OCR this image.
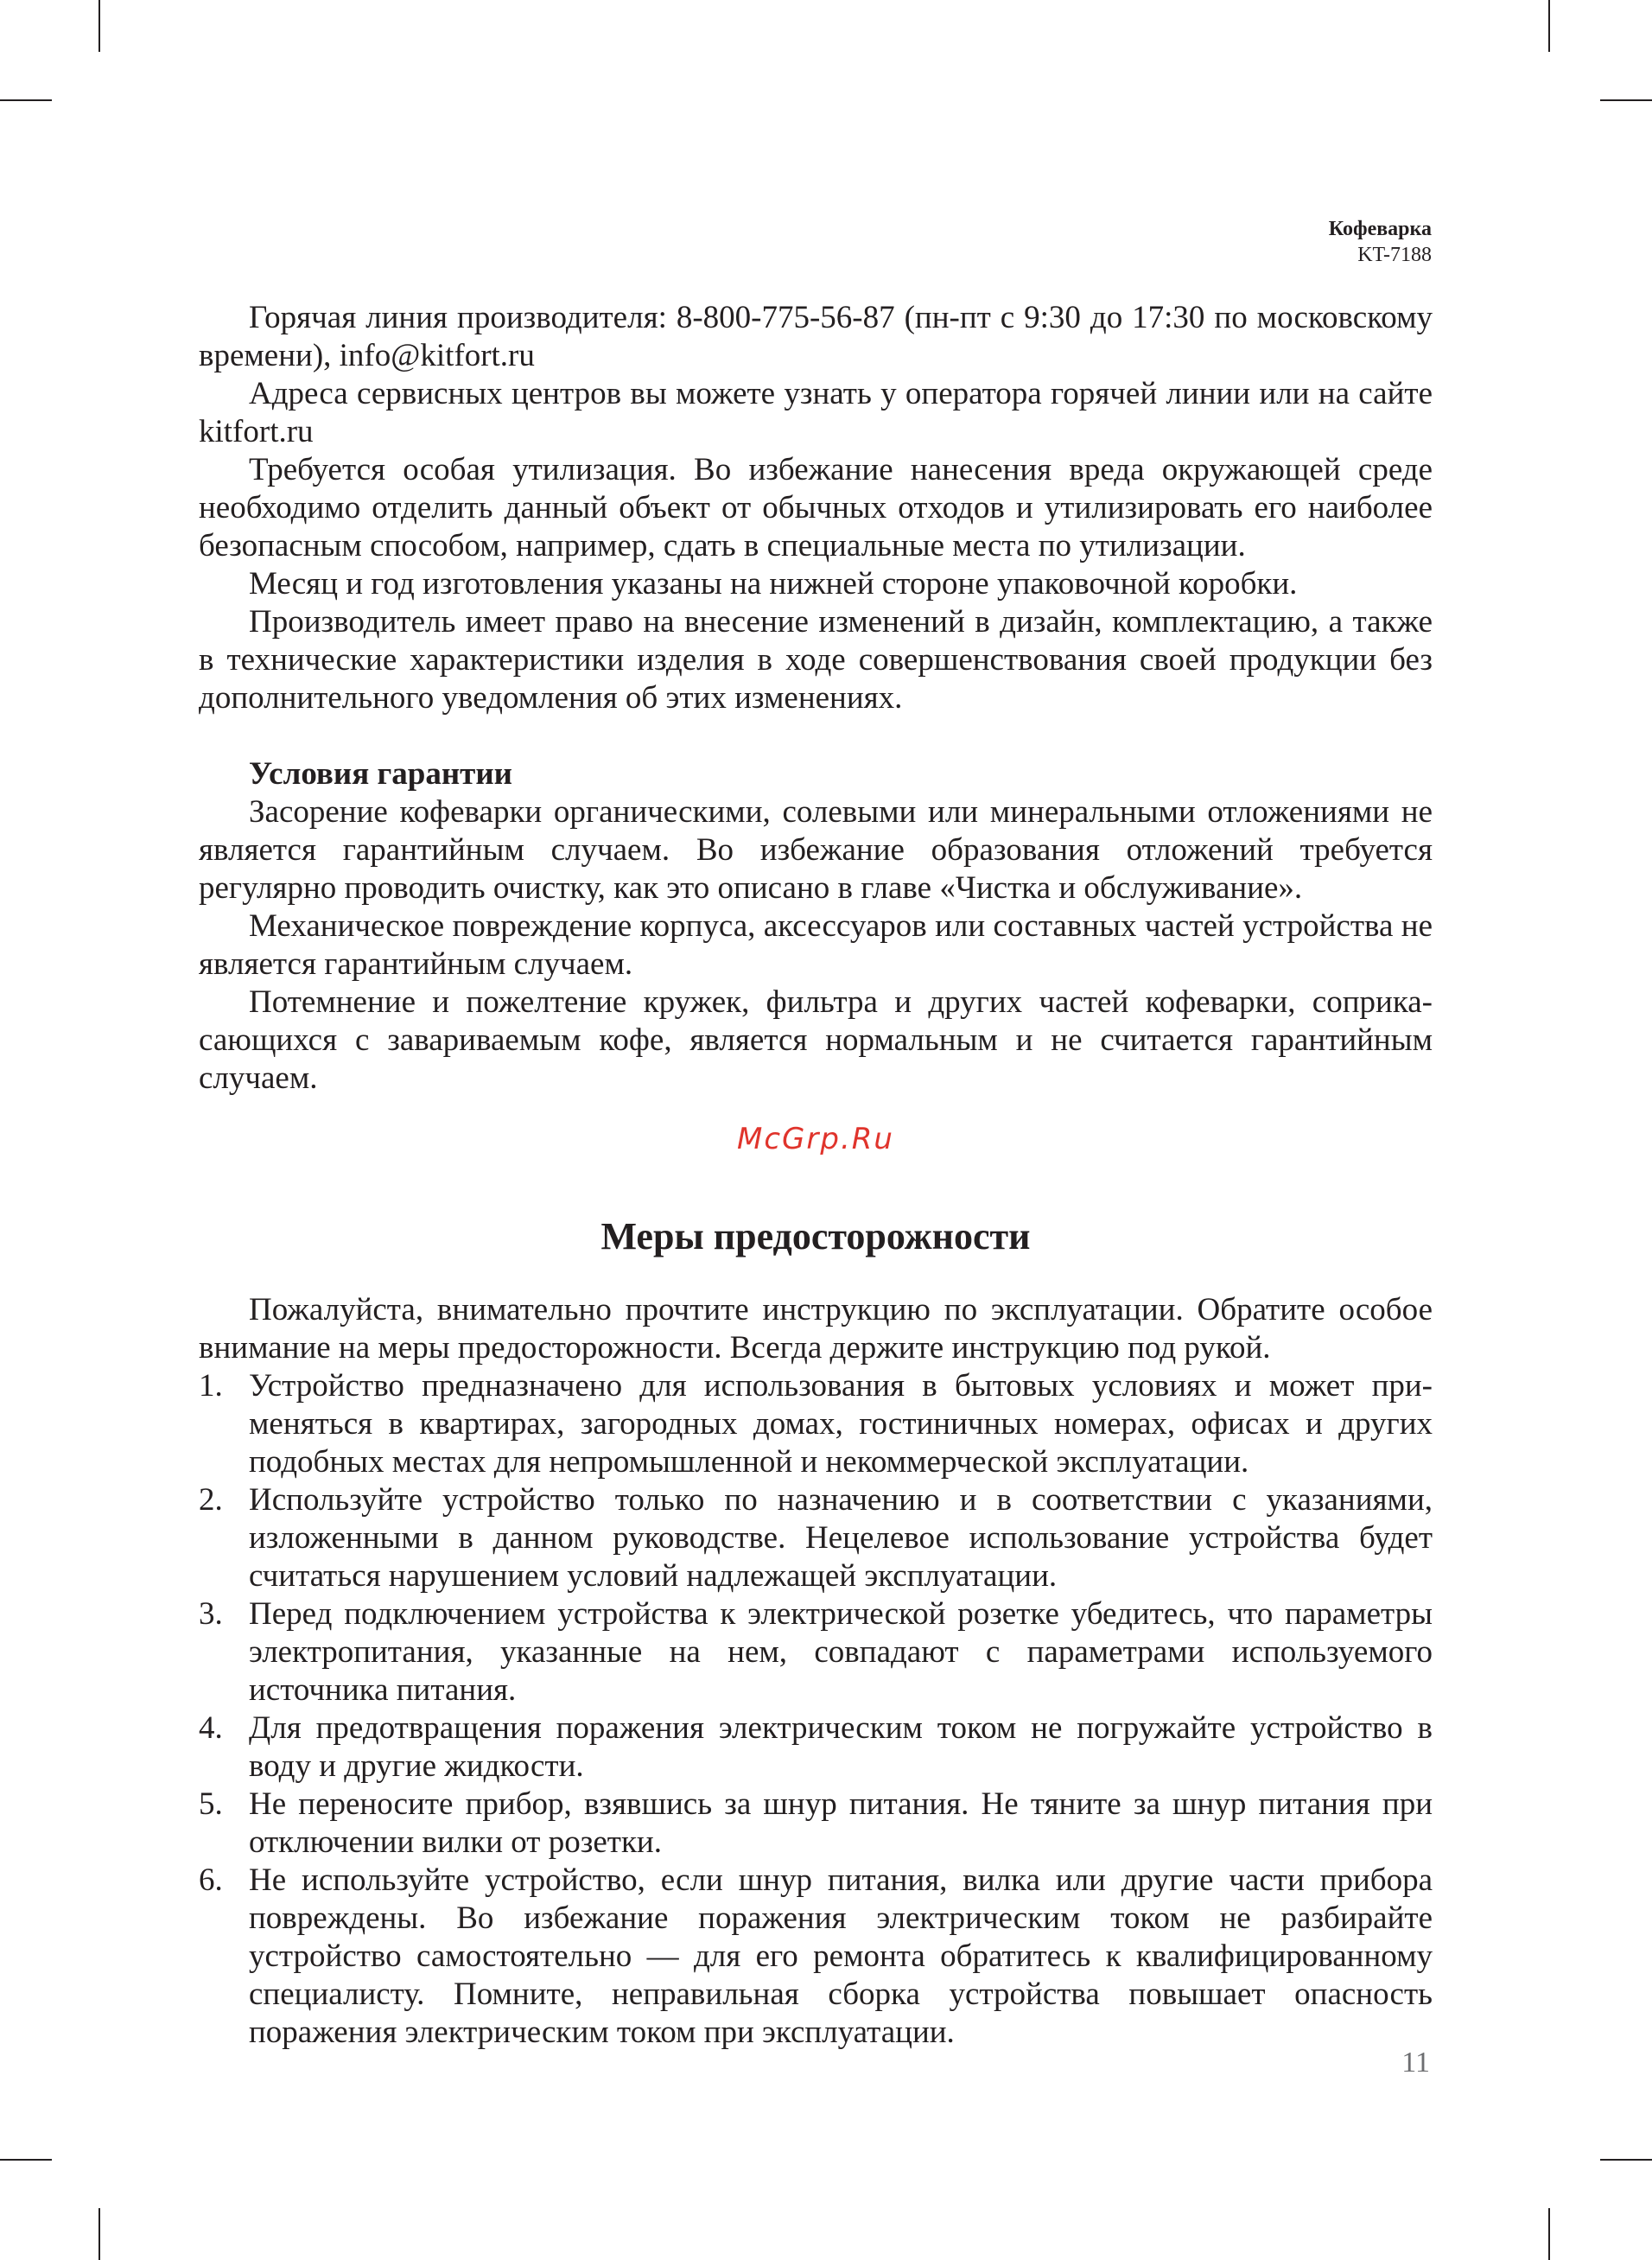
Кофеварка
KT-7188

Горячая линия производителя: 8-800-775-56-87 (пн-пт с 9:30 до 17:30 по московскому времени), info@kitfort.ru

Адреса сервисных центров вы можете узнать у оператора горячей линии или на сайте kitfort.ru

Требуется особая утилизация. Во избежание нанесения вреда окружающей среде необходимо отделить данный объект от обычных отходов и утилизировать его наиболее безопасным способом, например, сдать в специальные места по утилизации.

Месяц и год изготовления указаны на нижней стороне упаковочной коробки.

Производитель имеет право на внесение изменений в дизайн, комплектацию, а также в технические характеристики изделия в ходе совершенствования своей продукции без дополнительного уведомления об этих изменениях.

Условия гарантии

Засорение кофеварки органическими, солевыми или минеральными отложениями не является гарантийным случаем. Во избежание образования отложений требуется регулярно проводить очистку, как это описано в главе «Чистка и обслуживание».

Механическое повреждение корпуса, аксессуаров или составных частей устройства не является гарантийным случаем.

Потемнение и пожелтение кружек, фильтра и других частей кофеварки, соприкасающихся с завариваемым кофе, является нормальным и не считается гарантийным случаем.

McGrp.Ru
Меры предосторожности

Пожалуйста, внимательно прочтите инструкцию по эксплуатации. Обратите особое внимание на меры предосторожности. Всегда держите инструкцию под рукой.

1. Устройство предназначено для использования в бытовых условиях и может применяться в квартирах, загородных домах, гостиничных номерах, офисах и других подобных местах для непромышленной и некоммерческой эксплуатации.
2. Используйте устройство только по назначению и в соответствии с указаниями, изложенными в данном руководстве. Нецелевое использование устройства будет считаться нарушением условий надлежащей эксплуатации.
3. Перед подключением устройства к электрической розетке убедитесь, что параметры электропитания, указанные на нем, совпадают с параметрами используемого источника питания.
4. Для предотвращения поражения электрическим током не погружайте устройство в воду и другие жидкости.
5. Не переносите прибор, взявшись за шнур питания. Не тяните за шнур питания при отключении вилки от розетки.
6. Не используйте устройство, если шнур питания, вилка или другие части прибора повреждены. Во избежание поражения электрическим током не разбирайте устройство самостоятельно — для его ремонта обратитесь к квалифицированному специалисту. Помните, неправильная сборка устройства повышает опасность поражения электрическим током при эксплуатации.
11
